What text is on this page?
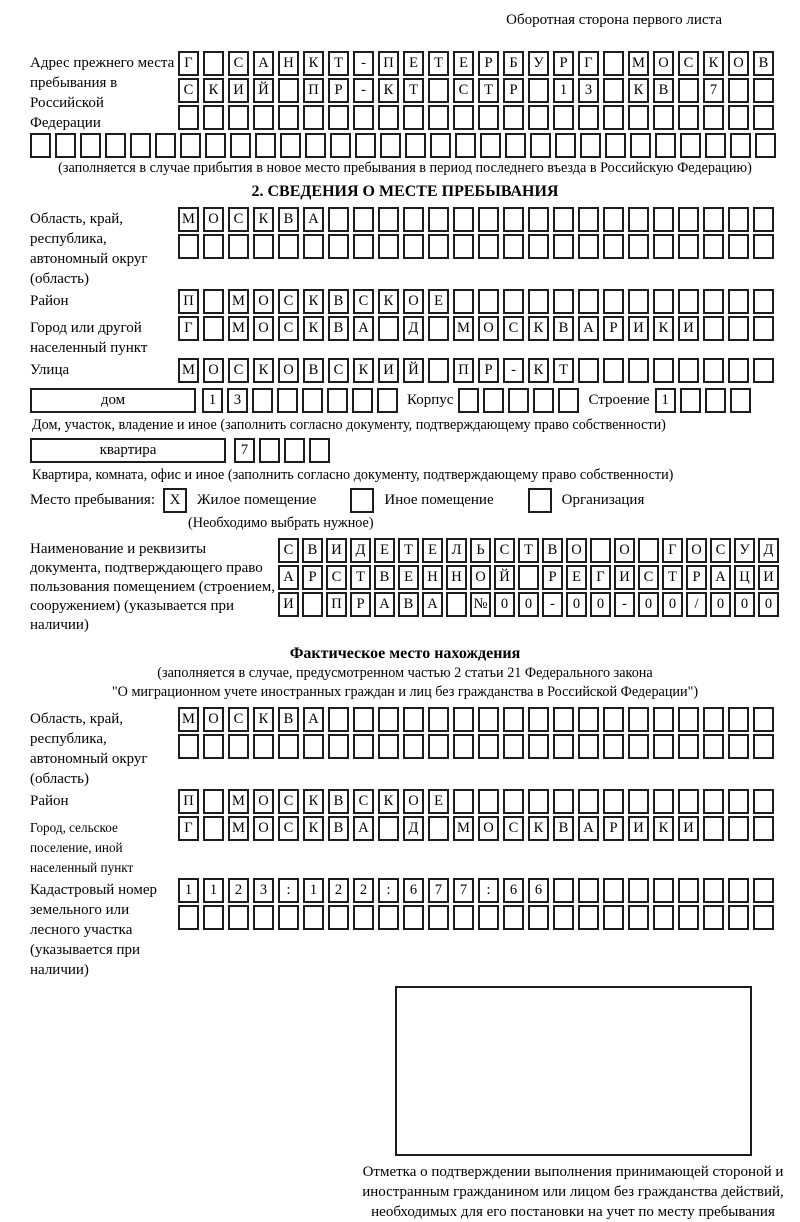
Оборотная сторона первого листа
Адрес прежнего места пребывания в Российской Федерации
Г	С	А	Н	К	Т	-	П	Е	Т	Е	Р	Б	У	Р	Г	М О	С	К	О	В
С	К	И	Й	П	Р	-	К	Т	С	Т	Р	1	3	К	В	7
(заполняется в случае прибытия в новое место пребывания в период последнего въезда в Российскую Федерацию)
2. СВЕДЕНИЯ О МЕСТЕ ПРЕБЫВАНИЯ
Область, край, республика, автономный округ (область)
М О	С	К	В	А
Район	П	М О	С	К	В	С	К	О	Е
Город или другой населенный пункт
Г	М О	С	К	В	А	Д	М О	С	К	В	А	Р	И	К	И
Улица	М О	С	К	О	В	С	К	И	Й	П	Р	-	К	Т
дом	1	3	Корпус	Строение 1
Дом, участок, владение и иное (заполнить согласно документу, подтверждающему право собственности)
квартира	7
Квартира, комната, офис и иное (заполнить согласно документу, подтверждающему право собственности)
Место пребывания: X	Жилое помещение	Иное помещение	Организация
(Необходимо выбрать нужное)
Наименование и реквизиты документа, подтверждающего право пользования помещением (строением, сооружением) (указывается при наличии)
С В И Д	Е	Т	Е	Л	Ь	С	Т	В О	О	Г	О С У Д
А	Р	С	Т	В	Е Н Н О Й	Р	Е	Г	И С	Т	Р	А Ц И
И	П	Р	А В А	№ 0	0	-	0	0	-	0	0	/	0	0	0
Фактическое место нахождения
(заполняется в случае, предусмотренном частью 2 статьи 21 Федерального закона
"О миграционном учете иностранных граждан и лиц без гражданства в Российской Федерации")
Область, край, республика, автономный округ (область)
М О	С	К	В	А
Район	П	М О	С	К	В	С	К	О	Е
Город, сельское поселение, иной населенный пункт
Г	М О	С	К	В	А	Д	М О	С	К	В	А	Р	И	К	И
Кадастровый номер земельного или лесного участка (указывается при наличии)
1	1	2	3	:	1	2	2	:	6	7	7	:	6	6
Отметка о подтверждении выполнения принимающей стороной и иностранным гражданином или лицом без гражданства действий, необходимых для его постановки на учет по месту пребывания
